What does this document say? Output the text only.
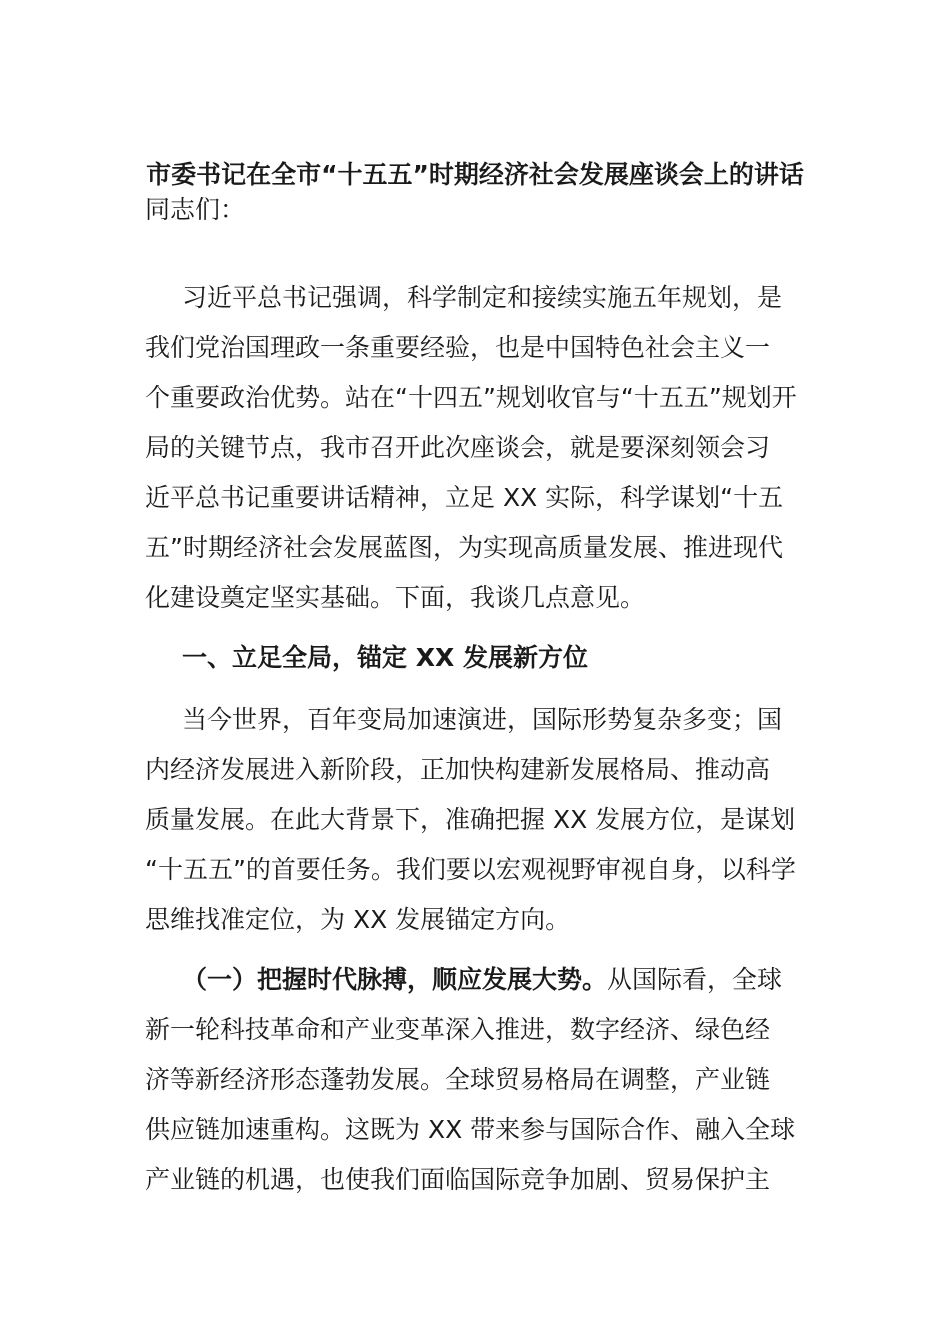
市委书记在全市“十五五”时期经济社会发展座谈会上的讲话
同志们：
习近平总书记强调，科学制定和接续实施五年规划，是
我们党治国理政一条重要经验，也是中国特色社会主义一
个重要政治优势。站在“十四五”规划收官与“十五五”规划开
局的关键节点，我市召开此次座谈会，就是要深刻领会习
近平总书记重要讲话精神，立足 XX 实际，科学谋划“十五
五”时期经济社会发展蓝图，为实现高质量发展、推进现代
化建设奠定坚实基础。下面，我谈几点意见。
一、立足全局，锚定 XX 发展新方位
当今世界，百年变局加速演进，国际形势复杂多变；国
内经济发展进入新阶段，正加快构建新发展格局、推动高
质量发展。在此大背景下，准确把握 XX 发展方位，是谋划
“十五五”的首要任务。我们要以宏观视野审视自身，以科学
思维找准定位，为 XX 发展锚定方向。
（一）把握时代脉搏，顺应发展大势。从国际看，全球
新一轮科技革命和产业变革深入推进，数字经济、绿色经
济等新经济形态蓬勃发展。全球贸易格局在调整，产业链
供应链加速重构。这既为 XX 带来参与国际合作、融入全球
产业链的机遇，也使我们面临国际竞争加剧、贸易保护主
